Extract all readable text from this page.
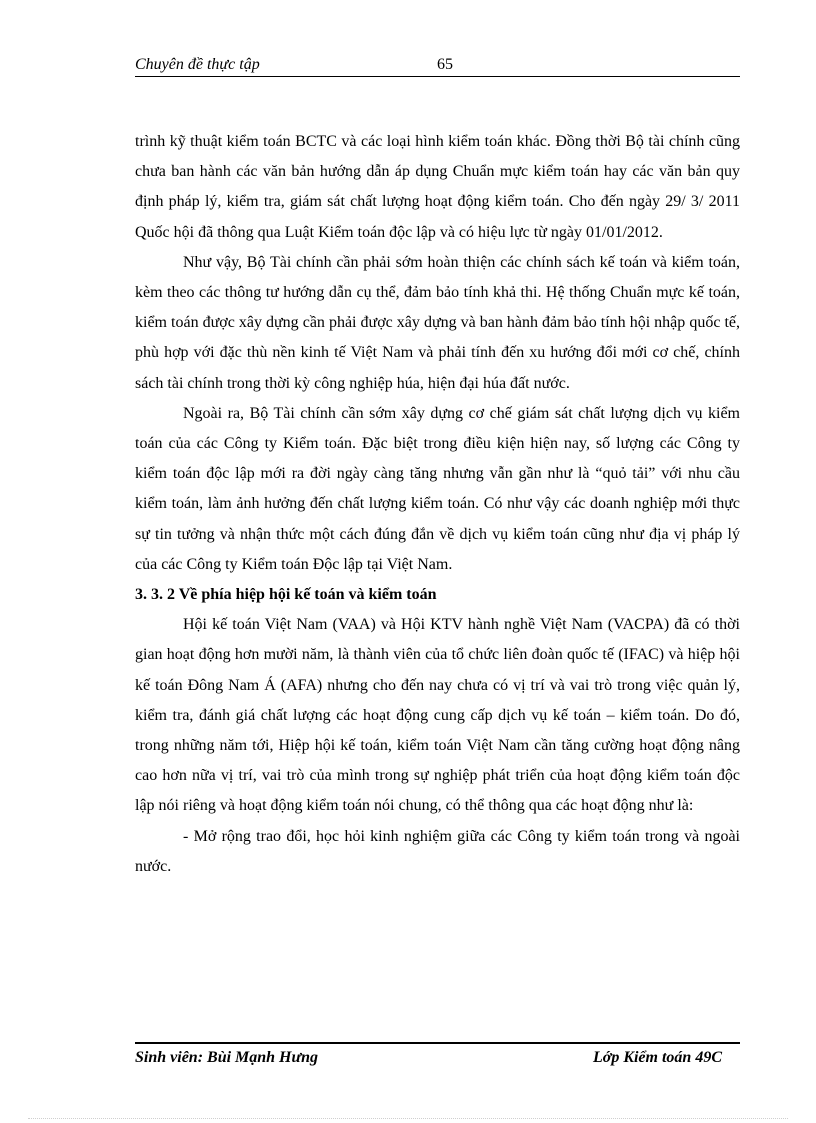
Chuyên đề thực tập	65

trình kỹ thuật kiểm toán BCTC và các loại hình kiểm toán khác. Đồng thời Bộ tài chính cũng chưa ban hành các văn bản hướng dẫn áp dụng Chuẩn mực kiểm toán hay các văn bản quy định pháp lý, kiểm tra, giám sát chất lượng hoạt động kiểm toán. Cho đến ngày 29/ 3/ 2011 Quốc hội đã thông qua Luật Kiểm toán độc lập và có hiệu lực từ ngày 01/01/2012.

Như vậy, Bộ Tài chính cần phải sớm hoàn thiện các chính sách kế toán và kiểm toán, kèm theo các thông tư hướng dẫn cụ thể, đảm bảo tính khả thi. Hệ thống Chuẩn mực kế toán, kiểm toán được xây dựng cần phải được xây dựng và ban hành đảm bảo tính hội nhập quốc tế, phù hợp với đặc thù nền kinh tế Việt Nam và phải tính đến xu hướng đổi mới cơ chế, chính sách tài chính trong thời kỳ công nghiệp húa, hiện đại húa đất nước.

Ngoài ra, Bộ Tài chính cần sớm xây dựng cơ chế giám sát chất lượng dịch vụ kiểm toán của các Công ty Kiểm toán. Đặc biệt trong điều kiện hiện nay, số lượng các Công ty kiểm toán độc lập mới ra đời ngày càng tăng nhưng vẫn gần như là “quỏ tải” với nhu cầu kiểm toán, làm ảnh hưởng đến chất lượng kiểm toán. Có như vậy các doanh nghiệp mới thực sự tin tưởng và nhận thức một cách đúng đắn về dịch vụ kiểm toán cũng như địa vị pháp lý của các Công ty Kiểm toán Độc lập tại Việt Nam.

3. 3. 2 Về phía hiệp hội kế toán và kiểm toán

Hội kế toán Việt Nam (VAA) và Hội KTV hành nghề Việt Nam (VACPA) đã có thời gian hoạt động hơn mười năm, là thành viên của tổ chức liên đoàn quốc tế (IFAC) và hiệp hội kế toán Đông Nam Á (AFA) nhưng cho đến nay chưa có vị trí và vai trò trong việc quản lý, kiểm tra, đánh giá chất lượng các hoạt động cung cấp dịch vụ kế toán – kiểm toán. Do đó, trong những năm tới, Hiệp hội kế toán, kiểm toán Việt Nam cần tăng cường hoạt động nâng cao hơn nữa vị trí, vai trò của mình trong sự nghiệp phát triển của hoạt động kiểm toán độc lập nói riêng và hoạt động kiểm toán nói chung, có thể thông qua các hoạt động như là:

- Mở rộng trao đổi, học hỏi kinh nghiệm giữa các Công ty kiểm toán trong và ngoài nước.

Sinh viên: Bùi Mạnh Hưng	Lớp Kiểm toán 49C
